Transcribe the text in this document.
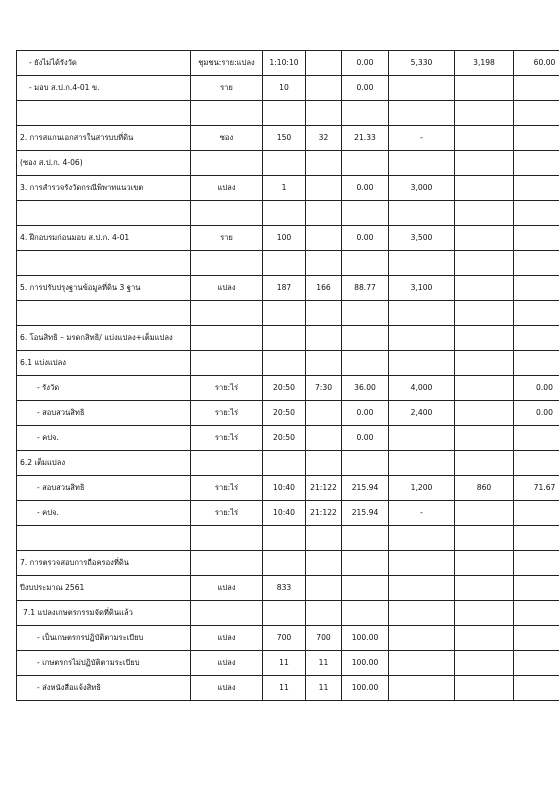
- ยังไม่ได้รังวัด	ชุมชน:ราย:แปลง	1:10:10		0.00	5,330	3,198	60.00
- มอบ ส.ป.ก.4-01 ข.	ราย	10		0.00			

2. การสแกนเอกสารในสารบบที่ดิน	ซอง	150	32	21.33	-		
(ซอง ส.ป.ก. 4-06)							
3. การสำรวจรังวัดกรณีพิพาทแนวเขต	แปลง	1		0.00	3,000		

4. ฝึกอบรมก่อนมอบ ส.ป.ก. 4-01	ราย	100		0.00	3,500		

5. การปรับปรุงฐานข้อมูลที่ดิน 3 ฐาน	แปลง	187	166	88.77	3,100		

6. โอนสิทธิ – มรดกสิทธิ/ แบ่งแปลง+เต็มแปลง							
6.1 แบ่งแปลง							
- รังวัด	ราย:ไร่	20:50	7:30	36.00	4,000		0.00
- สอบสวนสิทธิ	ราย:ไร่	20:50		0.00	2,400		0.00
- คปจ.	ราย:ไร่	20:50		0.00			
6.2 เต็มแปลง							
- สอบสวนสิทธิ	ราย:ไร่	10:40	21:122	215.94	1,200	860	71.67
- คปจ.	ราย:ไร่	10:40	21:122	215.94	-		

7. การตรวจสอบการถือครองที่ดิน							
ปีงบประมาณ 2561	แปลง	833					
7.1 แปลงเกษตรกรรมจัดที่ดินแล้ว							
- เป็นเกษตรกรปฏิบัติตามระเบียบ	แปลง	700	700	100.00			
- เกษตรกรไม่ปฏิบัติตามระเบียบ	แปลง	11	11	100.00			
- ส่งหนังสือแจ้งสิทธิ	แปลง	11	11	100.00			
